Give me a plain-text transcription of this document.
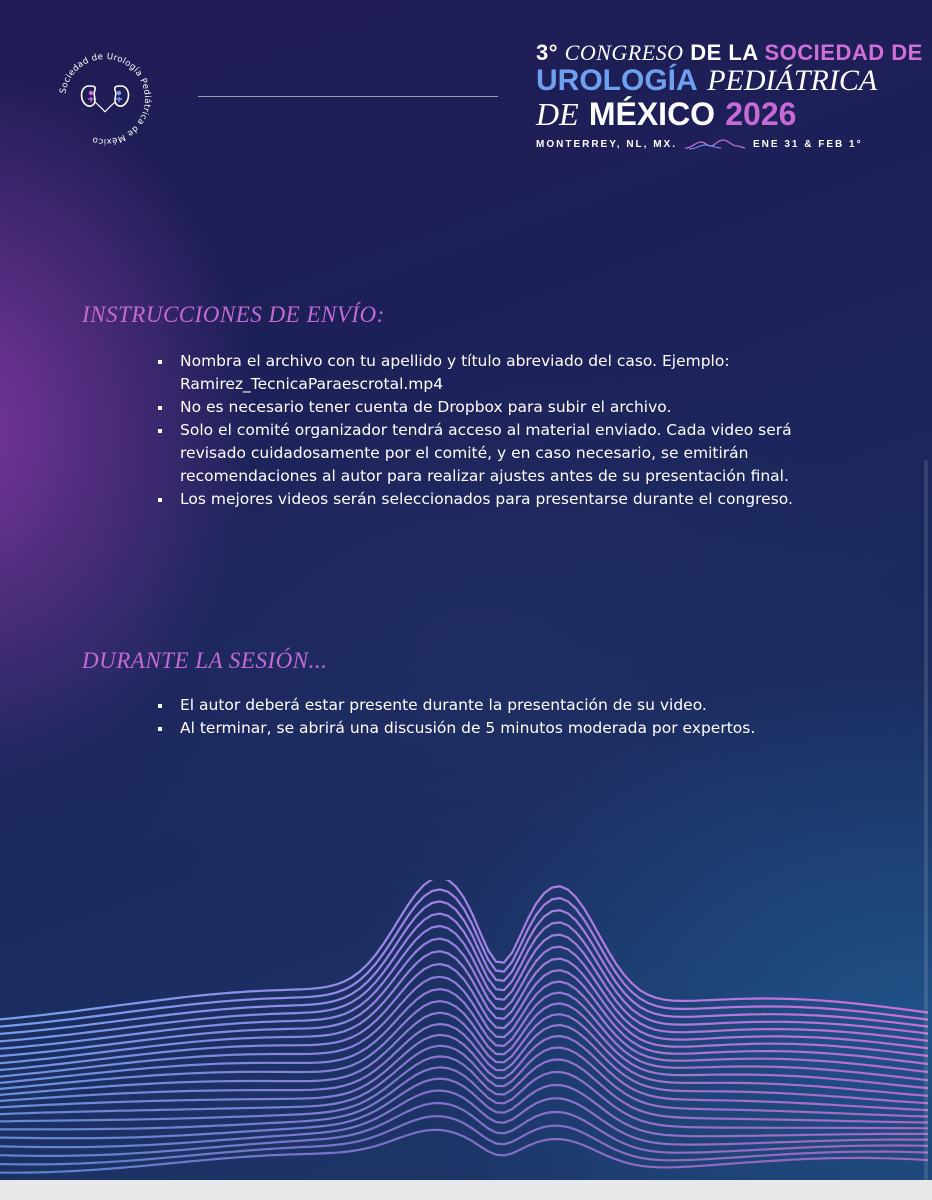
Sociedad de Urología Pediátrica de México
3° CONGRESO DE LA SOCIEDAD DE
UROLOGÍA PEDIÁTRICA
DE MÉXICO 2026
MONTERREY, NL, MX.	ENE 31 & FEB 1°
INSTRUCCIONES DE ENVÍO:
Nombra el archivo con tu apellido y título abreviado del caso. Ejemplo: Ramirez_TecnicaParaescrotal.mp4
No es necesario tener cuenta de Dropbox para subir el archivo.
Solo el comité organizador tendrá acceso al material enviado. Cada video será revisado cuidadosamente por el comité, y en caso necesario, se emitirán recomendaciones al autor para realizar ajustes antes de su presentación final.
Los mejores videos serán seleccionados para presentarse durante el congreso.
DURANTE LA SESIÓN...
El autor deberá estar presente durante la presentación de su video.
Al terminar, se abrirá una discusión de 5 minutos moderada por expertos.
